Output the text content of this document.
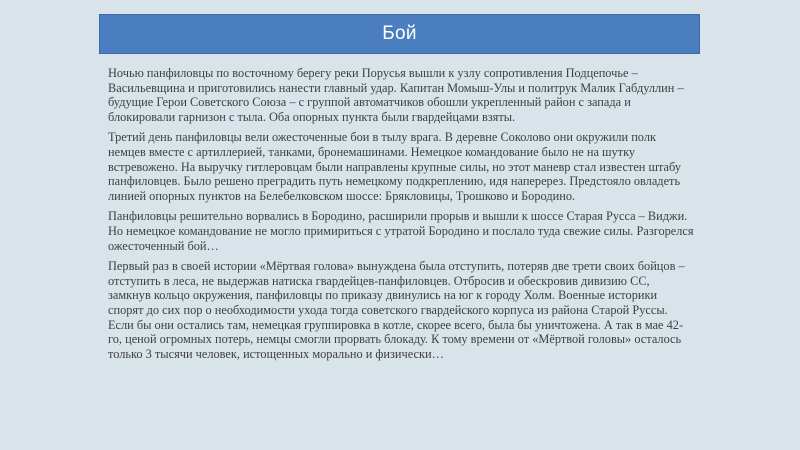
Бой

Ночью панфиловцы по восточному берегу реки Порусья вышли к узлу сопротивления Подцепочье – Васильевщина и приготовились нанести главный удар. Капитан Момыш-Улы и политрук Малик Габдуллин – будущие Герои Советского Союза – с группой автоматчиков обошли укрепленный район с запада и блокировали гарнизон с тыла. Оба опорных пункта были гвардейцами взяты.

Третий день панфиловцы вели ожесточенные бои в тылу врага. В деревне Соколово они окружили полк немцев вместе с артиллерией, танками, бронемашинами. Немецкое командование было не на шутку встревожено. На выручку гитлеровцам были направлены крупные силы, но этот маневр стал известен штабу панфиловцев. Было решено преградить путь немецкому подкреплению, идя наперерез. Предстояло овладеть линией опорных пунктов на Белебелковском шоссе: Брякловицы, Трошково и Бородино.

Панфиловцы решительно ворвались в Бородино, расширили прорыв и вышли к шоссе Старая Русса – Виджи. Но немецкое командование не могло примириться с утратой Бородино и послало туда свежие силы. Разгорелся ожесточенный бой…

Первый раз в своей истории «Мёртвая голова» вынуждена была отступить, потеряв две трети своих бойцов – отступить в леса, не выдержав натиска гвардейцев-панфиловцев. Отбросив и обескровив дивизию СС, замкнув кольцо окружения, панфиловцы по приказу двинулись на юг к городу Холм. Военные историки спорят до сих пор о необходимости ухода тогда советского гвардейского корпуса из района Старой Руссы. Если бы они остались там, немецкая группировка в котле, скорее всего, была бы уничтожена. А так в мае 42-го, ценой огромных потерь, немцы смогли прорвать блокаду. К тому времени от «Мёртвой головы» осталось только 3 тысячи человек, истощенных морально и физически…
